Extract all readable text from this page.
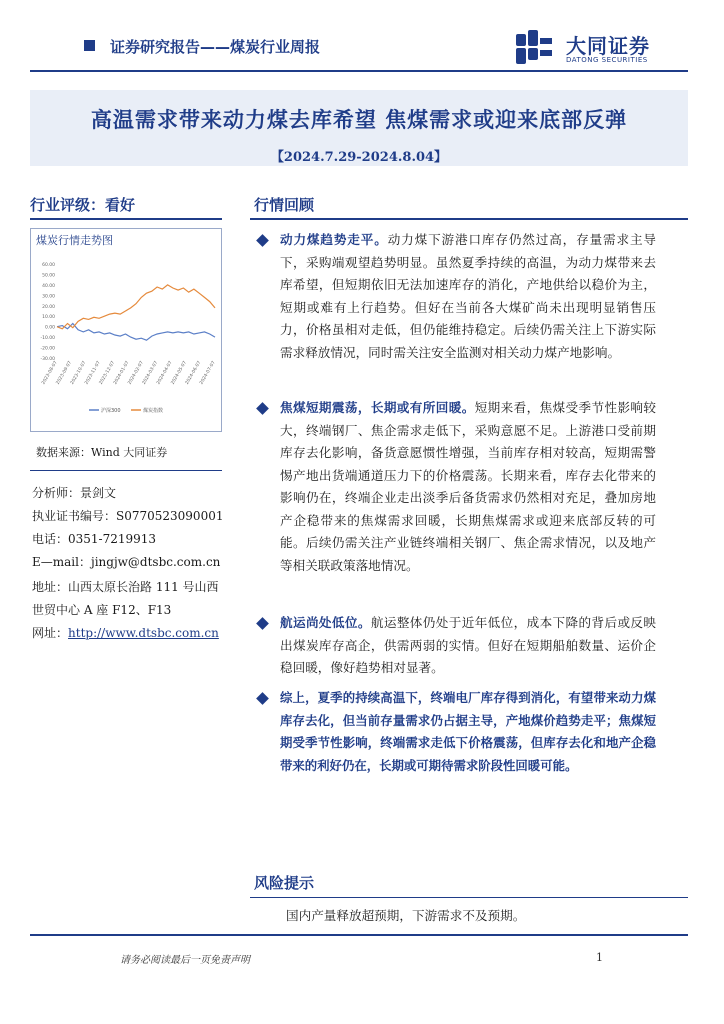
证券研究报告——煤炭行业周报	大同证券
DATONG SECURITIES
高温需求带来动力煤去库希望 焦煤需求或迎来底部反弹
【2024.7.29-2024.8.04】
行业评级：看好
煤炭行情走势图
60.00
50.00
40.00
30.00
20.00
10.00
0.00
-10.00
-20.00
-30.00
2023-08-07
2023-09-07
2023-10-07
2023-11-07
2023-12-07
2024-01-07
2024-02-07
2024-03-07
2024-04-07
2024-05-07
2024-06-07
2024-07-07
沪深300	煤炭指数
数据来源：Wind 大同证券
分析师：景剑文
执业证书编号：S0770523090001
电话：0351-7219913
E—mail：jingjw@dtsbc.com.cn
地址：山西太原长治路 111 号山西
世贸中心 A 座 F12、F13
网址：http://www.dtsbc.com.cn
行情回顾
动力煤趋势走平。动力煤下游港口库存仍然过高，存量需求主导下，采购端观望趋势明显。虽然夏季持续的高温，为动力煤带来去库希望，但短期依旧无法加速库存的消化，产地供给以稳价为主，短期或难有上行趋势。但好在当前各大煤矿尚未出现明显销售压力，价格虽相对走低，但仍能维持稳定。后续仍需关注上下游实际需求释放情况，同时需关注安全监测对相关动力煤产地影响。
焦煤短期震荡，长期或有所回暖。短期来看，焦煤受季节性影响较大，终端钢厂、焦企需求走低下，采购意愿不足。上游港口受前期库存去化影响，备货意愿惯性增强，当前库存相对较高，短期需警惕产地出货端通道压力下的价格震荡。长期来看，库存去化带来的影响仍在，终端企业走出淡季后备货需求仍然相对充足，叠加房地产企稳带来的焦煤需求回暖，长期焦煤需求或迎来底部反转的可能。后续仍需关注产业链终端相关钢厂、焦企需求情况，以及地产等相关联政策落地情况。
航运尚处低位。航运整体仍处于近年低位，成本下降的背后或反映出煤炭库存高企，供需两弱的实情。但好在短期船舶数量、运价企稳回暖，像好趋势相对显著。
综上，夏季的持续高温下，终端电厂库存得到消化，有望带来动力煤库存去化，但当前存量需求仍占据主导，产地煤价趋势走平；焦煤短期受季节性影响，终端需求走低下价格震荡，但库存去化和地产企稳带来的利好仍在，长期或可期待需求阶段性回暖可能。
风险提示
国内产量释放超预期，下游需求不及预期。
请务必阅读最后一页免责声明	1
